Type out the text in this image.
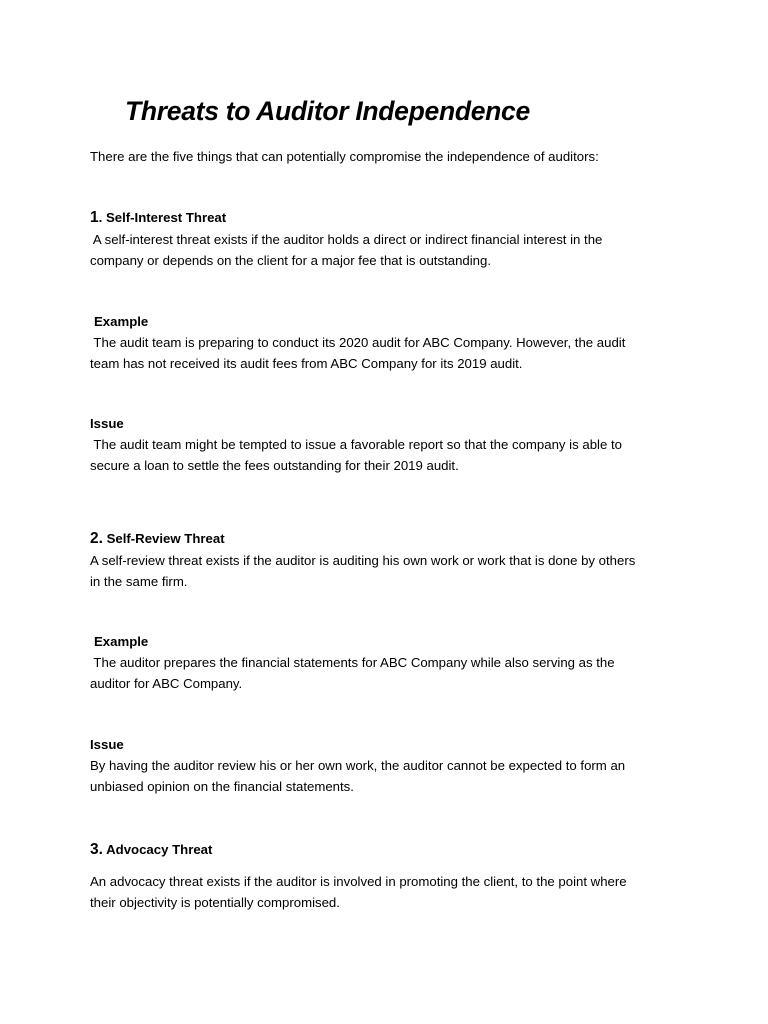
Threats to Auditor Independence
There are the five things that can potentially compromise the independence of auditors:
1. Self-Interest Threat
A self-interest threat exists if the auditor holds a direct or indirect financial interest in the
company or depends on the client for a major fee that is outstanding.
Example
The audit team is preparing to conduct its 2020 audit for ABC Company. However, the audit
team has not received its audit fees from ABC Company for its 2019 audit.
Issue
The audit team might be tempted to issue a favorable report so that the company is able to
secure a loan to settle the fees outstanding for their 2019 audit.
2. Self-Review Threat
A self-review threat exists if the auditor is auditing his own work or work that is done by others
in the same firm.
Example
The auditor prepares the financial statements for ABC Company while also serving as the
auditor for ABC Company.
Issue
By having the auditor review his or her own work, the auditor cannot be expected to form an
unbiased opinion on the financial statements.
3. Advocacy Threat
An advocacy threat exists if the auditor is involved in promoting the client, to the point where
their objectivity is potentially compromised.
